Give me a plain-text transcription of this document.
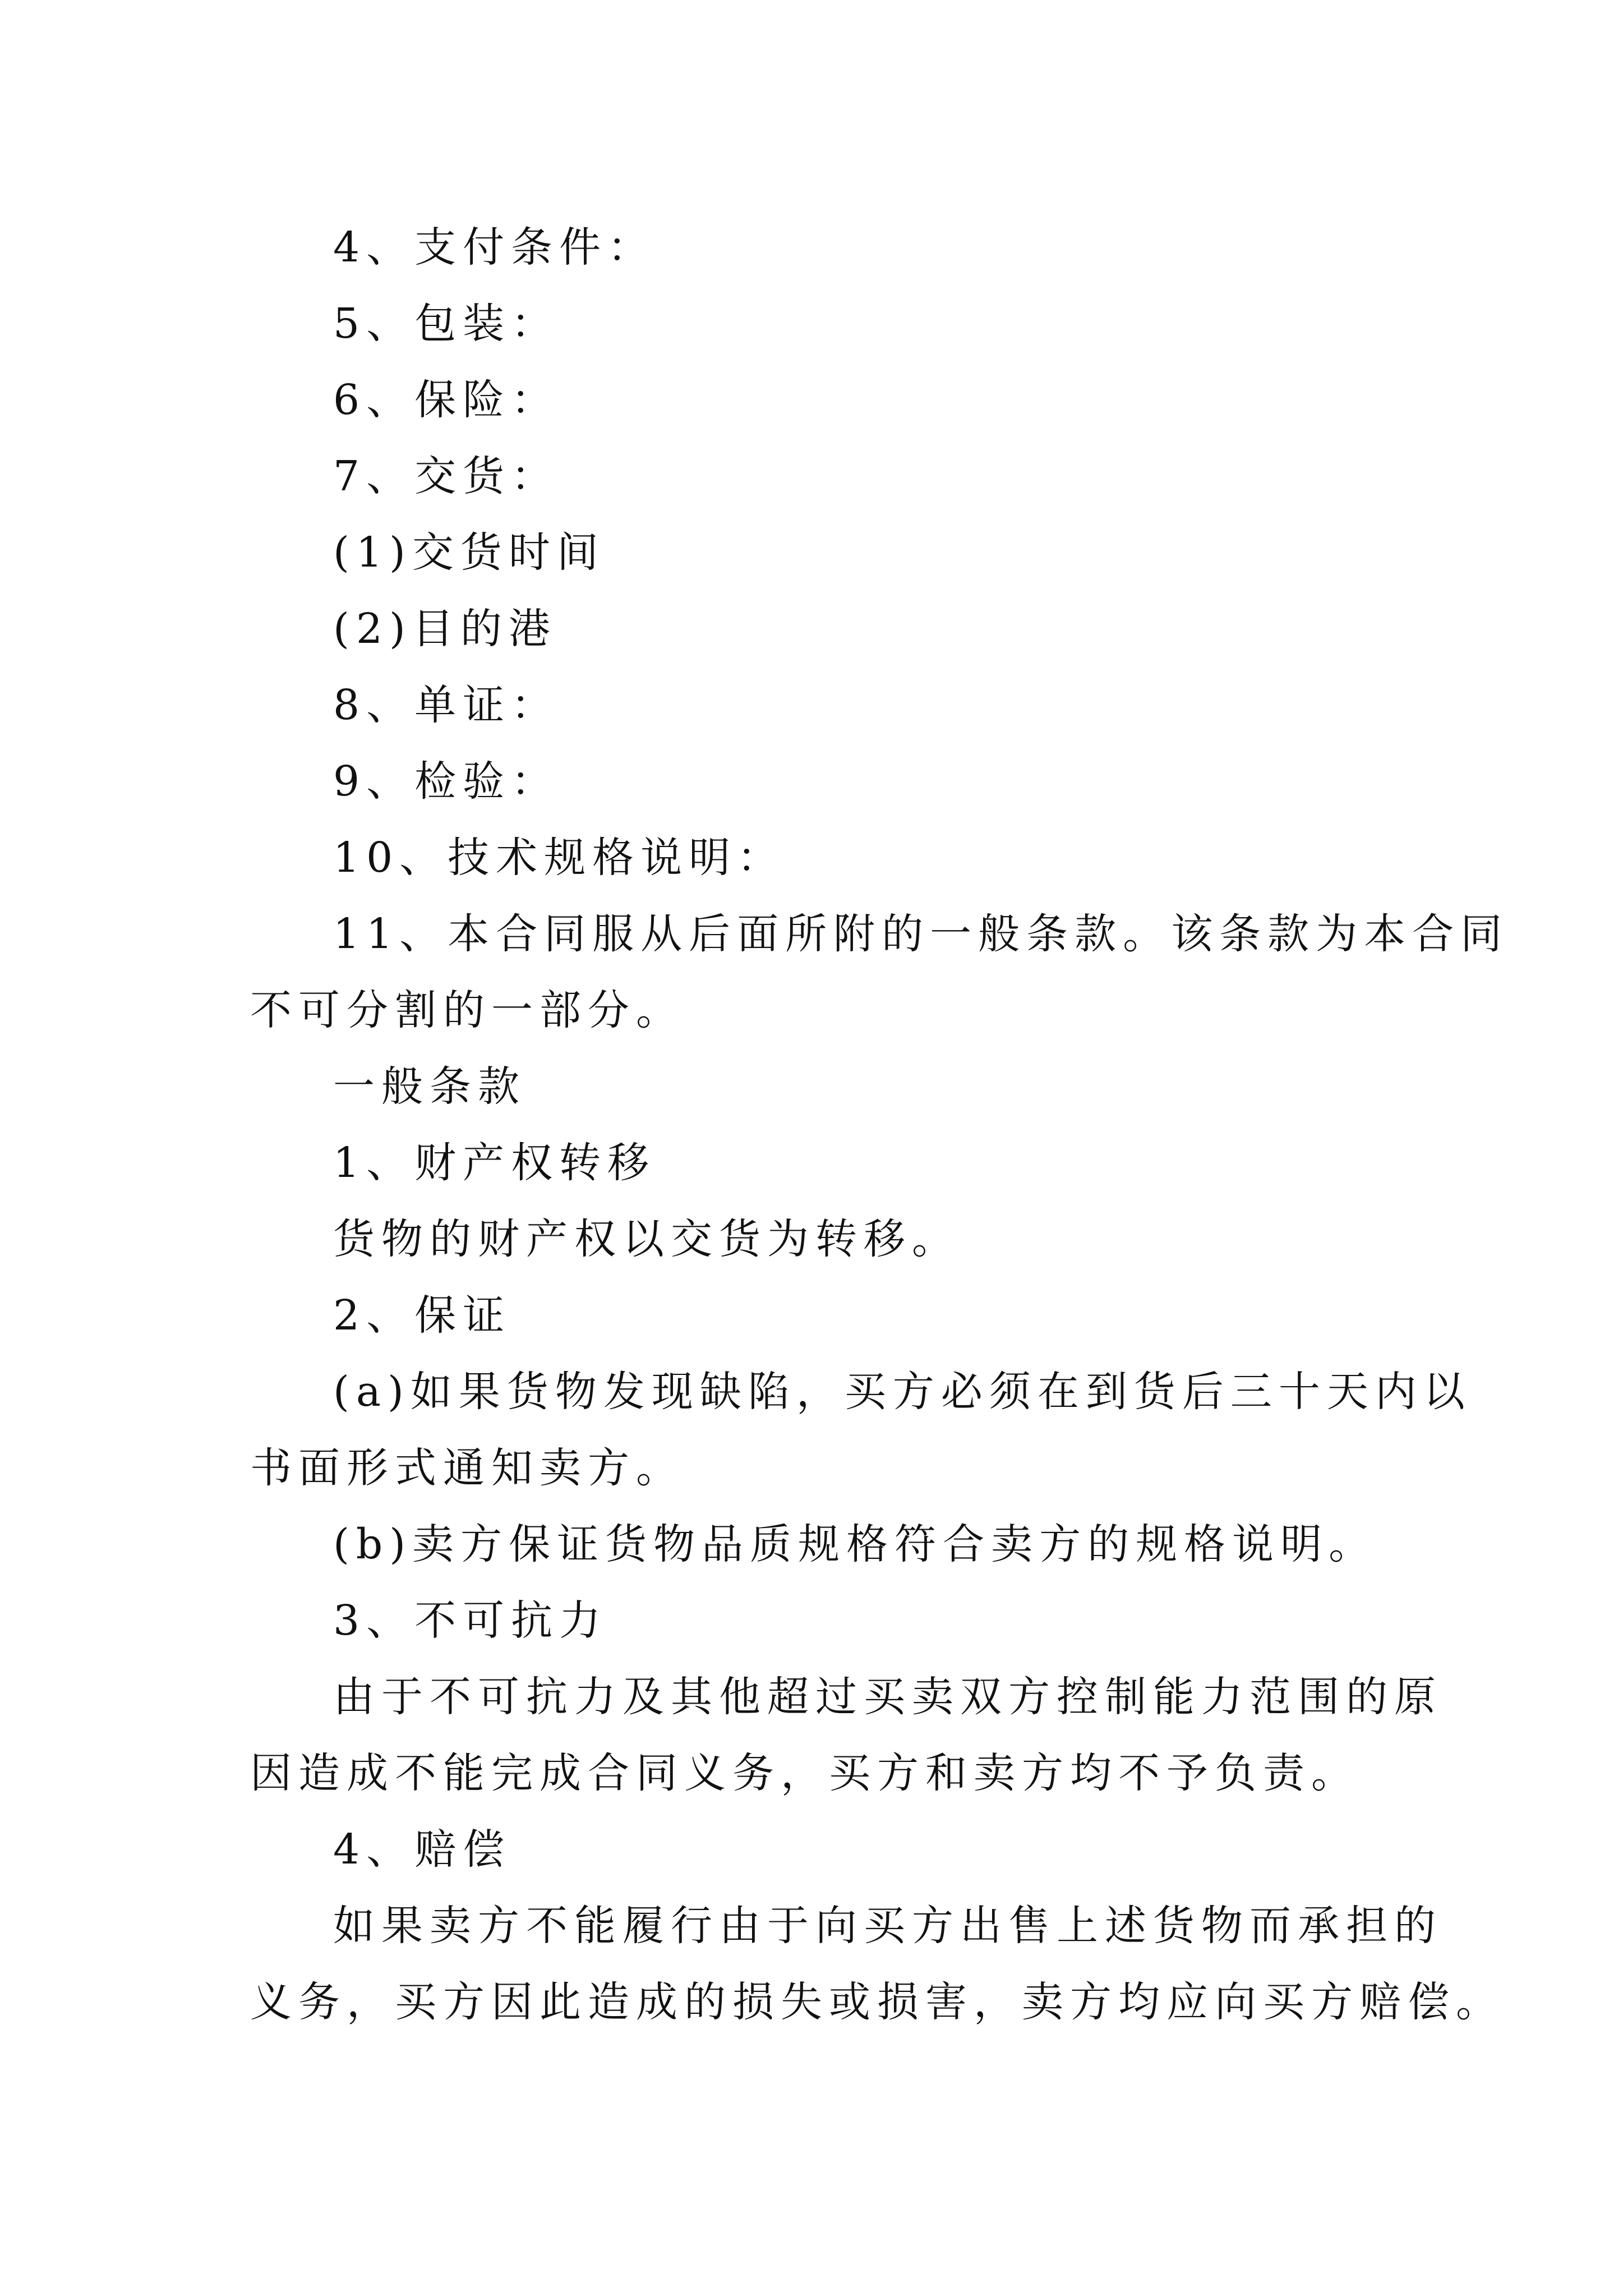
4、支付条件：
5、包装：
6、保险：
7、交货：
(1)交货时间
(2)目的港
8、单证：
9、检验：
10、技术规格说明：
11、本合同服从后面所附的一般条款。该条款为本合同
不可分割的一部分。
一般条款
1、财产权转移
货物的财产权以交货为转移。
2、保证
(a)如果货物发现缺陷，买方必须在到货后三十天内以
书面形式通知卖方。
(b)卖方保证货物品质规格符合卖方的规格说明。
3、不可抗力
由于不可抗力及其他超过买卖双方控制能力范围的原
因造成不能完成合同义务，买方和卖方均不予负责。
4、赔偿
如果卖方不能履行由于向买方出售上述货物而承担的
义务，买方因此造成的损失或损害，卖方均应向买方赔偿。
